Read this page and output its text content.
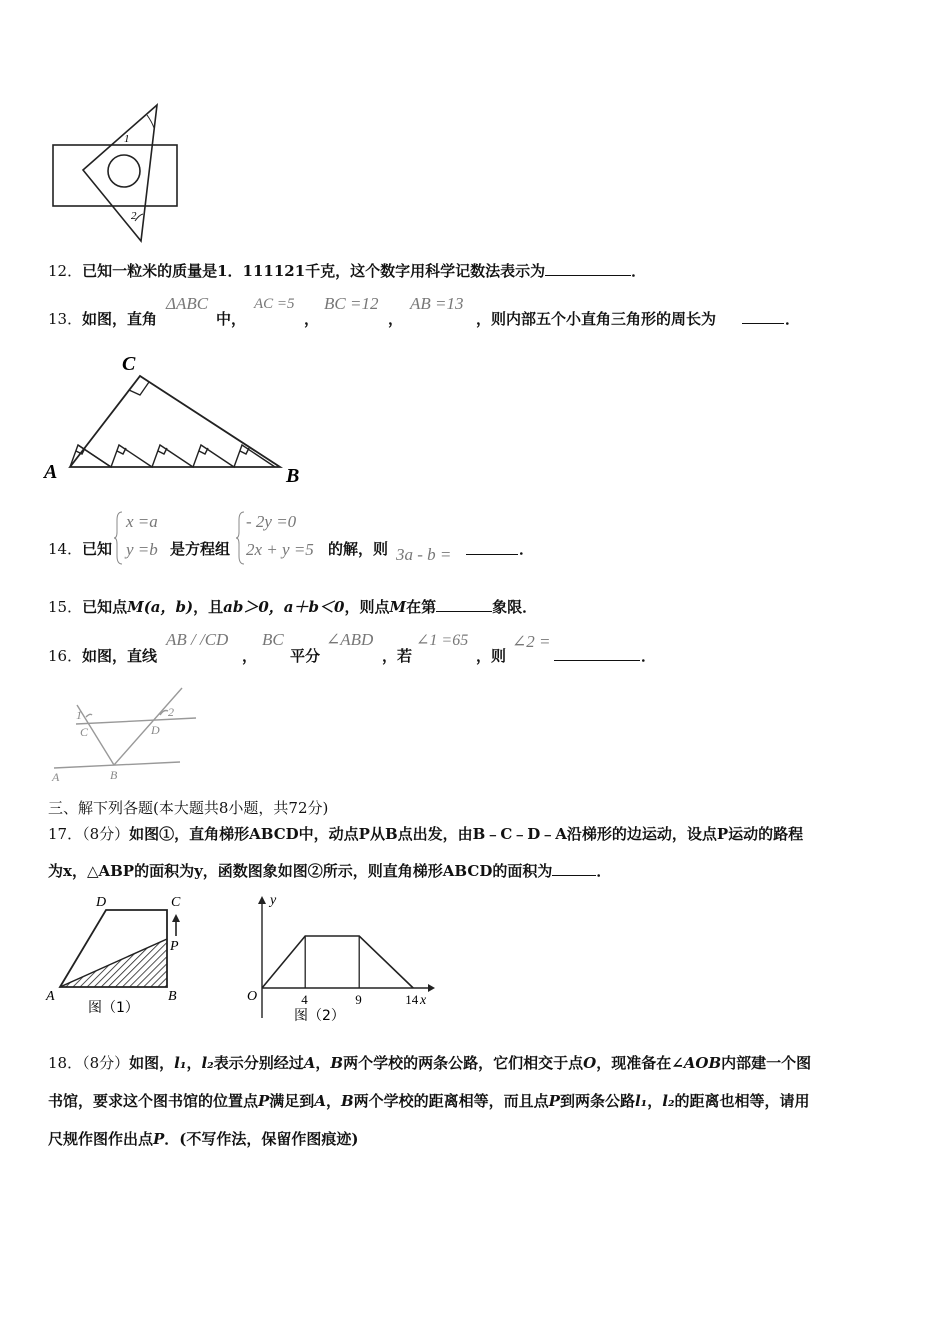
1
2
12．已知一粒米的质量是1．111121千克，这个数字用科学记数法表示为	．
13． 如图，直角
ΔABC
中，
AC =5
，
BC =12
，
AB =13
，则内部五个小直角三角形的周长为	．
C
A	B
14． 已知
x =a
y =b 是方程组
- 2y =0
2x + y =5 的解，则 3a - b =	．
15．已知点M(a，b)，且ab＞0，a＋b＜0，则点M在第	象限．
16． 如图，直线
AB / /CD
，
BC
平分
∠ABD
，若
∠1 =65
，则
∠2 =
．
1	2
C	D
A	B
三、解下列各题(本大题共8小题，共72分)
17．（8分）如图①，直角梯形ABCD中，动点P从B点出发，由B﹣C﹣D﹣A沿梯形的边运动，设点P运动的路程
为x，△ABP的面积为y，函数图象如图②所示，则直角梯形ABCD的面积为	．
D	C
P
A	B
图（1）
y
x
O	4	9	14
图（2）
18．（8分）如图，l₁，l₂表示分别经过A，B两个学校的两条公路，它们相交于点O，现准备在∠AOB内部建一个图
书馆，要求这个图书馆的位置点P满足到A，B两个学校的距离相等，而且点P到两条公路l₁，l₂的距离也相等，请用
尺规作图作出点P．(不写作法，保留作图痕迹)
